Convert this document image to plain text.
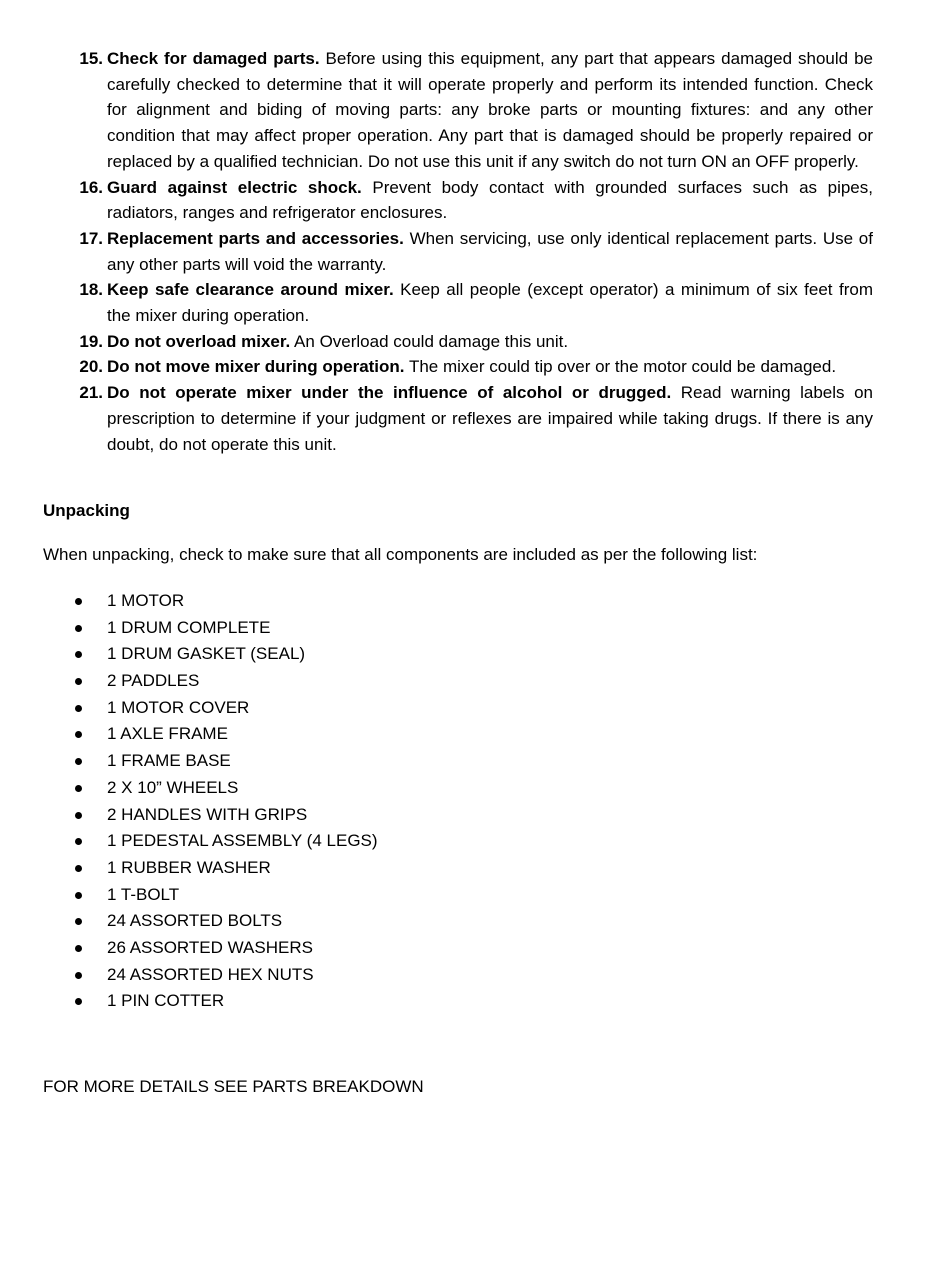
15. Check for damaged parts. Before using this equipment, any part that appears damaged should be carefully checked to determine that it will operate properly and perform its intended function. Check for alignment and biding of moving parts: any broke parts or mounting fixtures: and any other condition that may affect proper operation. Any part that is damaged should be properly repaired or replaced by a qualified technician. Do not use this unit if any switch do not turn ON an OFF properly.
16. Guard against electric shock. Prevent body contact with grounded surfaces such as pipes, radiators, ranges and refrigerator enclosures.
17. Replacement parts and accessories. When servicing, use only identical replacement parts. Use of any other parts will void the warranty.
18. Keep safe clearance around mixer. Keep all people (except operator) a minimum of six feet from the mixer during operation.
19. Do not overload mixer. An Overload could damage this unit.
20. Do not move mixer during operation. The mixer could tip over or the motor could be damaged.
21. Do not operate mixer under the influence of alcohol or drugged. Read warning labels on prescription to determine if your judgment or reflexes are impaired while taking drugs. If there is any doubt, do not operate this unit.
Unpacking
When unpacking, check to make sure that all components are included as per the following list:
1 MOTOR
1 DRUM COMPLETE
1 DRUM GASKET (SEAL)
2 PADDLES
1 MOTOR COVER
1 AXLE FRAME
1 FRAME BASE
2 X 10” WHEELS
2 HANDLES WITH GRIPS
1 PEDESTAL ASSEMBLY (4 LEGS)
1 RUBBER WASHER
1 T-BOLT
24 ASSORTED BOLTS
26 ASSORTED WASHERS
24 ASSORTED HEX NUTS
1 PIN COTTER
FOR MORE DETAILS SEE PARTS BREAKDOWN
